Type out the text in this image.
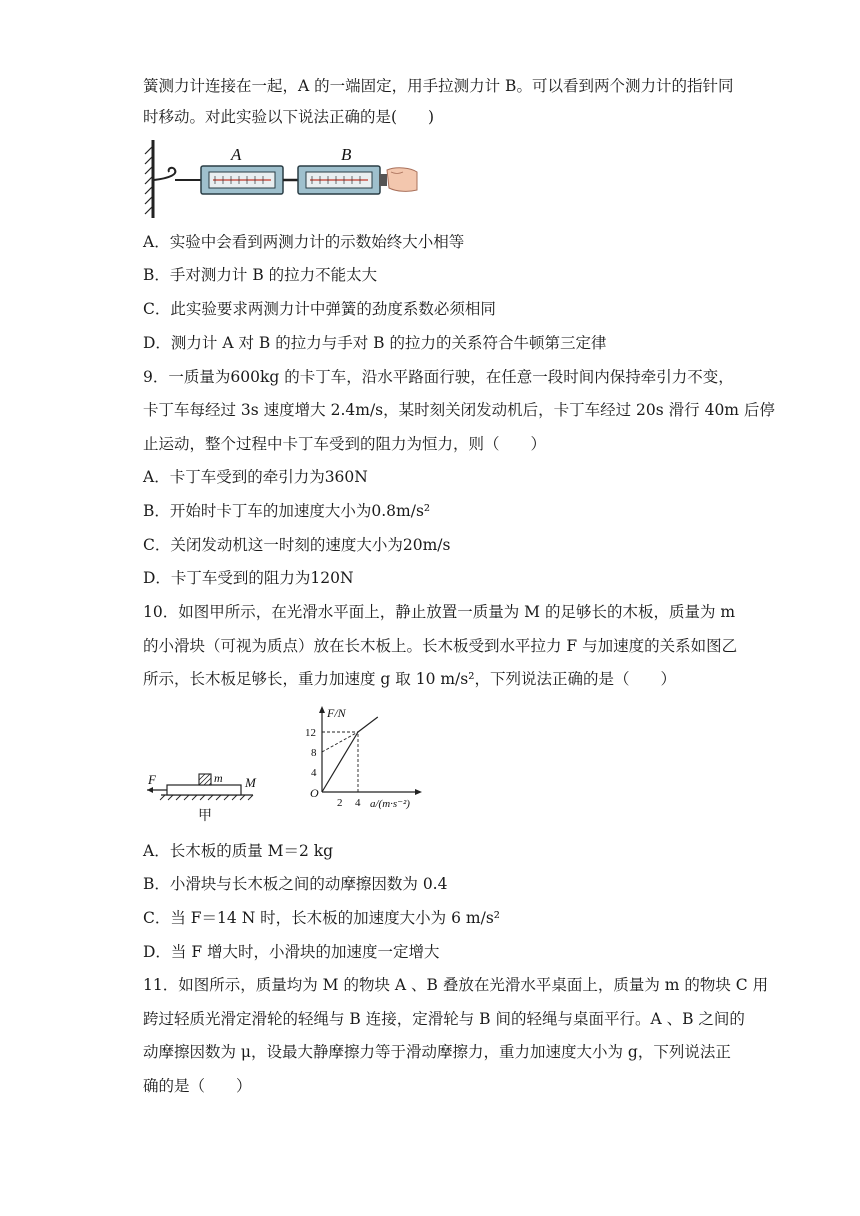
簧测力计连接在一起，A 的一端固定，用手拉测力计 B。可以看到两个测力计的指针同
时移动。对此实验以下说法正确的是(　　)
A	B
A．实验中会看到两测力计的示数始终大小相等
B．手对测力计 B 的拉力不能太大
C．此实验要求两测力计中弹簧的劲度系数必须相同
D．测力计 A 对 B 的拉力与手对 B 的拉力的关系符合牛顿第三定律
9．一质量为600kg 的卡丁车，沿水平路面行驶，在任意一段时间内保持牵引力不变，
卡丁车每经过 3s 速度增大 2.4m/s，某时刻关闭发动机后，卡丁车经过 20s 滑行 40m 后停
止运动，整个过程中卡丁车受到的阻力为恒力，则（　　）
A．卡丁车受到的牵引力为360N
B．开始时卡丁车的加速度大小为0.8m/s²
C．关闭发动机这一时刻的速度大小为20m/s
D．卡丁车受到的阻力为120N
10．如图甲所示，在光滑水平面上，静止放置一质量为 M 的足够长的木板，质量为 m
的小滑块（可视为质点）放在长木板上。长木板受到水平拉力 F 与加速度的关系如图乙
所示，长木板足够长，重力加速度 g 取 10 m/s²，下列说法正确的是（　　）
F	m M
甲
F/N
a/(m·s⁻²)
O
2 4
4
8
12
A．长木板的质量 M＝2 kg
B．小滑块与长木板之间的动摩擦因数为 0.4
C．当 F＝14 N 时，长木板的加速度大小为 6 m/s²
D．当 F 增大时，小滑块的加速度一定增大
11．如图所示，质量均为 M 的物块 A 、B 叠放在光滑水平桌面上，质量为 m 的物块 C 用
跨过轻质光滑定滑轮的轻绳与 B 连接，定滑轮与 B 间的轻绳与桌面平行。A 、B 之间的
动摩擦因数为 μ，设最大静摩擦力等于滑动摩擦力，重力加速度大小为 g，下列说法正
确的是（　　）
